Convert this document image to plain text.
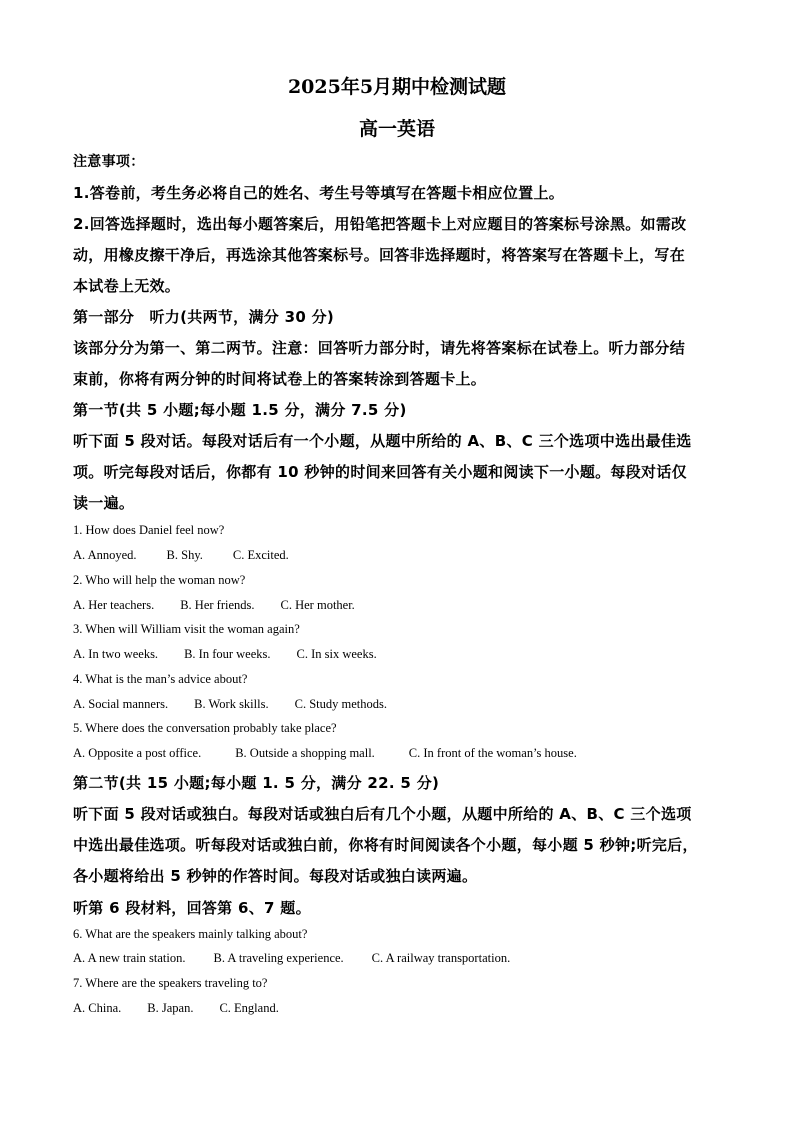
2025年5月期中检测试题
高一英语
注意事项：
1.答卷前，考生务必将自己的姓名、考生号等填写在答题卡相应位置上。
2.回答选择题时，选出每小题答案后，用铅笔把答题卡上对应题目的答案标号涂黑。如需改
动，用橡皮擦干净后，再选涂其他答案标号。回答非选择题时，将答案写在答题卡上，写在
本试卷上无效。
第一部分　听力(共两节，满分 30 分)
该部分分为第一、第二两节。注意：回答听力部分时，请先将答案标在试卷上。听力部分结
束前，你将有两分钟的时间将试卷上的答案转涂到答题卡上。
第一节(共 5 小题;每小题 1.5 分，满分 7.5 分)
听下面 5 段对话。每段对话后有一个小题，从题中所给的 A、B、C 三个选项中选出最佳选
项。听完每段对话后，你都有 10 秒钟的时间来回答有关小题和阅读下一小题。每段对话仅
读一遍。
1. How does Daniel feel now?
A. Annoyed. B. Shy. C. Excited.
2. Who will help the woman now?
A. Her teachers. B. Her friends. C. Her mother.
3. When will William visit the woman again?
A. In two weeks. B. In four weeks. C. In six weeks.
4. What is the man’s advice about?
A. Social manners. B. Work skills. C. Study methods.
5. Where does the conversation probably take place?
A. Opposite a post office.	B. Outside a shopping mall.	C. In front of the woman’s house.
第二节(共 15 小题;每小题 1. 5 分，满分 22. 5 分)
听下面 5 段对话或独白。每段对话或独白后有几个小题，从题中所给的 A、B、C 三个选项
中选出最佳选项。听每段对话或独白前，你将有时间阅读各个小题，每小题 5 秒钟;听完后，
各小题将给出 5 秒钟的作答时间。每段对话或独白读两遍。
听第 6 段材料，回答第 6、7 题。
6. What are the speakers mainly talking about?
A. A new train station. B. A traveling experience. C. A railway transportation.
7. Where are the speakers traveling to?
A. China. B. Japan. C. England.
